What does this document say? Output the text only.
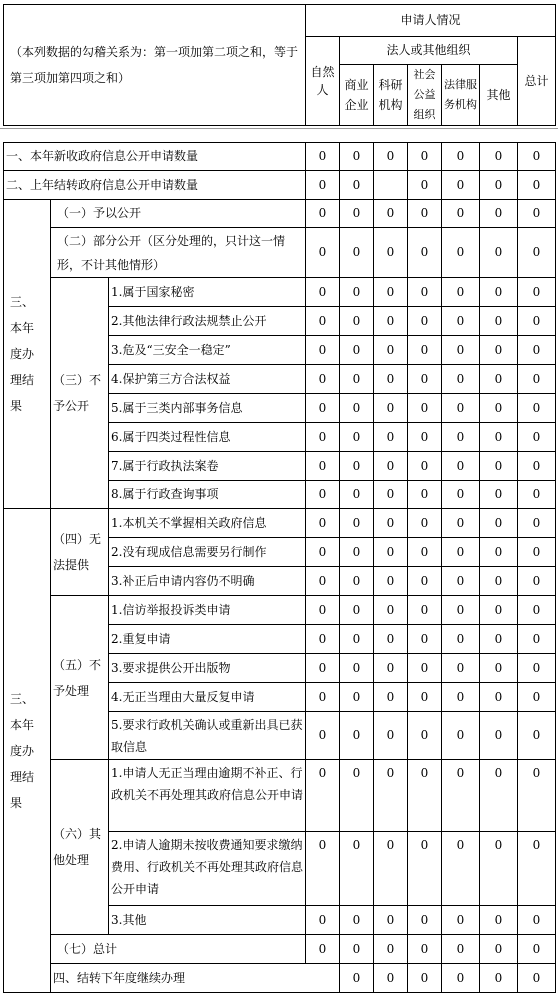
（本列数据的勾稽关系为：第一项加第二项之和，等于第三项加第四项之和）	申请人情况						
	自然人	法人或其他组织					总计
		商业企业	科研机构	社会公益组织	法律服务机构	其他	
一、本年新收政府信息公开申请数量			0	0	0	0	0	0	0	
二、上年结转政府信息公开申请数量			0	0		0	0	0	0	
三、本年度办理结果	（一）予以公开		0	0	0	0	0	0	0	
	（二）部分公开（区分处理的，只计这一情形，不计其他情形）		0	0	0	0	0	0	0	
	（三）不予公开	1.属于国家秘密	0	0	0	0	0	0	0	
		2.其他法律行政法规禁止公开	0	0	0	0	0	0	0	
		3.危及“三安全一稳定”	0	0	0	0	0	0	0	
		4.保护第三方合法权益	0	0	0	0	0	0	0	
		5.属于三类内部事务信息	0	0	0	0	0	0	0	
		6.属于四类过程性信息	0	0	0	0	0	0	0	
		7.属于行政执法案卷	0	0	0	0	0	0	0	
		8.属于行政查询事项	0	0	0	0	0	0	0	
三、本年度办理结果	（四）无法提供	1.本机关不掌握相关政府信息	0	0	0	0	0	0	0	
		2.没有现成信息需要另行制作	0	0	0	0	0	0	0	
		3.补正后申请内容仍不明确	0	0	0	0	0	0	0	
	（五）不予处理	1.信访举报投诉类申请	0	0	0	0	0	0	0	
		2.重复申请	0	0	0	0	0	0	0	
		3.要求提供公开出版物	0	0	0	0	0	0	0	
		4.无正当理由大量反复申请	0	0	0	0	0	0	0	
		5.要求行政机关确认或重新出具已获取信息	0	0	0	0	0	0	0	
	（六）其他处理	1.申请人无正当理由逾期不补正、行政机关不再处理其政府信息公开申请	0	0	0	0	0	0	0	
		2.申请人逾期未按收费通知要求缴纳费用、行政机关不再处理其政府信息公开申请	0	0	0	0	0	0	0	
		3.其他	0	0	0	0	0	0	0	
	（七）总计		0	0	0	0	0	0	0	
	四、结转下年度继续办理			0	0	0	0	0	0	
